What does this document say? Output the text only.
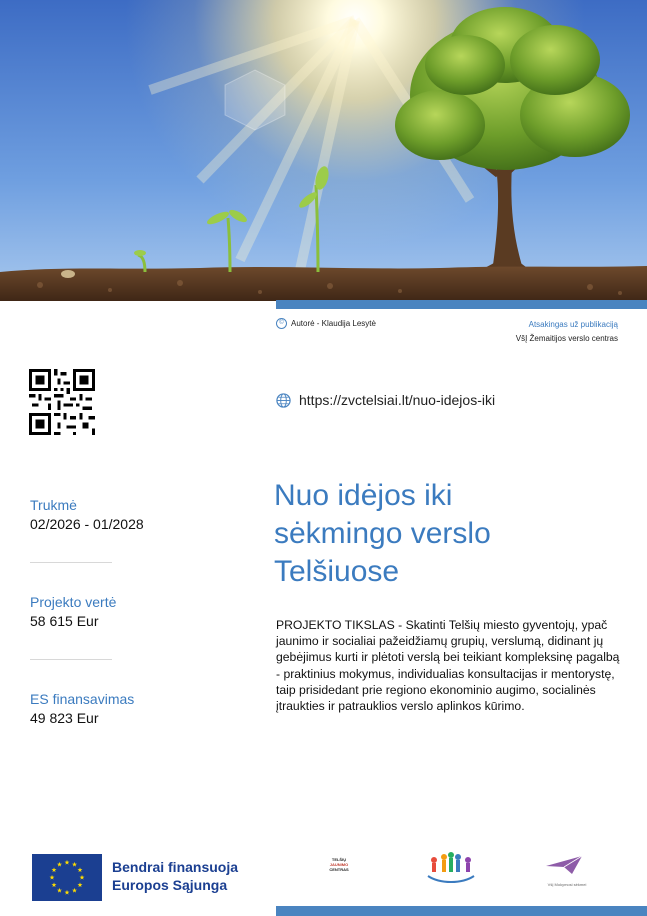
© Autorė - Klaudija Lesytė	Atsakingas už publikaciją
VšĮ Žemaitijos verslo centras
https://zvctelsiai.lt/nuo-idejos-iki
Trukmė
02/2026 - 01/2028
Projekto vertė
58 615 Eur
ES finansavimas
49 823 Eur
Nuo idėjos iki
sėkmingo verslo
Telšiuose
PROJEKTO TIKSLAS - Skatinti Telšių miesto gyventojų, ypač jaunimo ir socialiai pažeidžiamų grupių, verslumą, didinant jų gebėjimus kurti ir plėtoti verslą bei teikiant kompleksinę pagalbą - praktinius mokymus, individualias konsultacijas ir mentorystę, taip prisidedant prie regiono ekonominio augimo, socialinės įtraukties ir patrauklios verslo aplinkos kūrimo.
Bendrai finansuoja
Europos Sąjunga
TELŠIŲ
JAUNIMO
CENTRAS
VšĮ Mokymosi sėkmei
